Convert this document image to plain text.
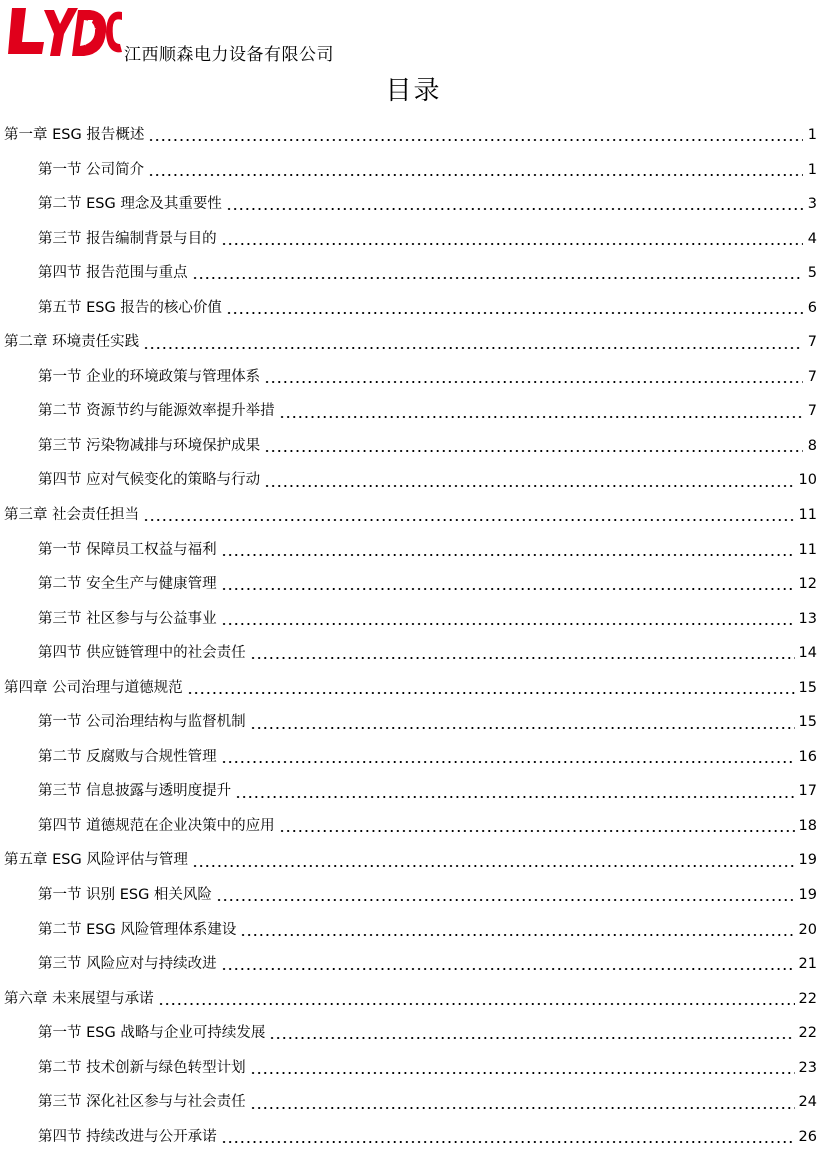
江西顺森电力设备有限公司
目录
第一章 ESG 报告概述	1
第一节 公司简介	1
第二节 ESG 理念及其重要性	3
第三节 报告编制背景与目的	4
第四节 报告范围与重点	5
第五节 ESG 报告的核心价值	6
第二章 环境责任实践	7
第一节 企业的环境政策与管理体系	7
第二节 资源节约与能源效率提升举措	7
第三节 污染物减排与环境保护成果	8
第四节 应对气候变化的策略与行动	10
第三章 社会责任担当	11
第一节 保障员工权益与福利	11
第二节 安全生产与健康管理	12
第三节 社区参与与公益事业	13
第四节 供应链管理中的社会责任	14
第四章 公司治理与道德规范	15
第一节 公司治理结构与监督机制	15
第二节 反腐败与合规性管理	16
第三节 信息披露与透明度提升	17
第四节 道德规范在企业决策中的应用	18
第五章 ESG 风险评估与管理	19
第一节 识别 ESG 相关风险	19
第二节 ESG 风险管理体系建设	20
第三节 风险应对与持续改进	21
第六章 未来展望与承诺	22
第一节 ESG 战略与企业可持续发展	22
第二节 技术创新与绿色转型计划	23
第三节 深化社区参与与社会责任	24
第四节 持续改进与公开承诺	26
